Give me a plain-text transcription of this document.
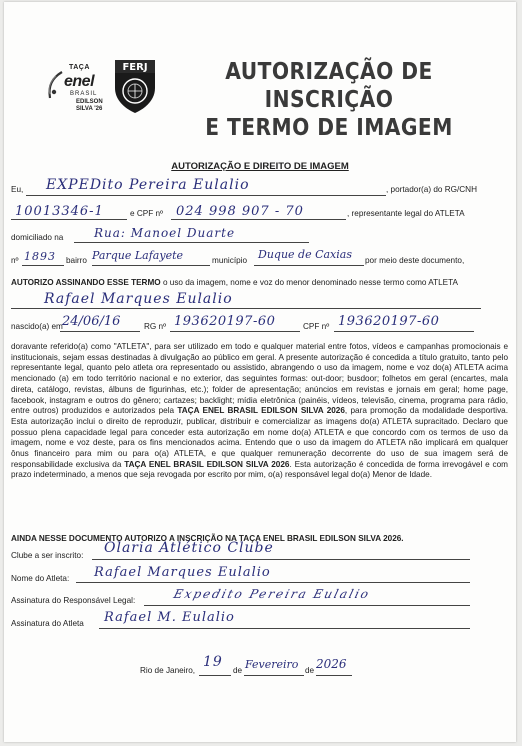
TAÇA
enel
BRASIL
EDILSON SILVA '26
FERJ	AUTORIZAÇÃO DE INSCRIÇÃO
E TERMO DE IMAGEM
AUTORIZAÇÃO E DIREITO DE IMAGEM
Eu, EXPEDito Pereira Eulalio	, portador(a) do RG/CNH
10013346-1	e CPF nº 024 998 907 - 70	, representante legal do ATLETA
domiciliado na	Rua: Manoel Duarte
nº 1893 bairro Parque Lafayete	município Duque de Caxias por meio deste documento,
AUTORIZO ASSINANDO ESSE TERMO o uso da imagem, nome e voz do menor denominado nesse termo como ATLETA
Rafael Marques Eulalio
nascido(a) em 24/06/16	RG nº 193620197-60	CPF nº 193620197-60
doravante referido(a) como "ATLETA", para ser utilizado em todo e qualquer material entre fotos, vídeos e campanhas promocionais e institucionais, sejam essas destinadas à divulgação ao público em geral. A presente autorização é concedida a título gratuito, tanto pelo representante legal, quanto pelo atleta ora representado ou assistido, abrangendo o uso da imagem, nome e voz do(a) ATLETA acima mencionado (a) em todo território nacional e no exterior, das seguintes formas: out-door; busdoor; folhetos em geral (encartes, mala direta, catálogo, revistas, álbuns de figurinhas, etc.); folder de apresentação; anúncios em revistas e jornais em geral; home page, facebook, instagram e outros do gênero; cartazes; backlight; mídia eletrônica (painéis, vídeos, televisão, cinema, programa para rádio, entre outros) produzidos e autorizados pela TAÇA ENEL BRASIL EDILSON SILVA 2026, para promoção da modalidade desportiva. Esta autorização inclui o direito de reproduzir, publicar, distribuir e comercializar as imagens do(a) ATLETA supracitado. Declaro que possuo plena capacidade legal para conceder esta autorização em nome do(a) ATLETA e que concordo com os termos de uso da imagem, nome e voz deste, para os fins mencionados acima. Entendo que o uso da imagem do ATLETA não implicará em qualquer ônus financeiro para mim ou para o(a) ATLETA, e que qualquer remuneração decorrente do uso de sua imagem será de responsabilidade exclusiva da TAÇA ENEL BRASIL EDILSON SILVA 2026. Esta autorização é concedida de forma irrevogável e com prazo indeterminado, a menos que seja revogada por escrito por mim, o(a) responsável legal do(a) Menor de Idade.
AINDA NESSE DOCUMENTO AUTORIZO A INSCRIÇÃO NA TAÇA ENEL BRASIL EDILSON SILVA 2026.
Clube a ser inscrito: Olaria Atlético Clube
Nome do Atleta: Rafael Marques Eulalio
Assinatura do Responsável Legal:	Expedito Pereira Eulalio
Assinatura do Atleta Rafael M. Eulalio
Rio de Janeiro,
19
de Fevereiro de 2026
